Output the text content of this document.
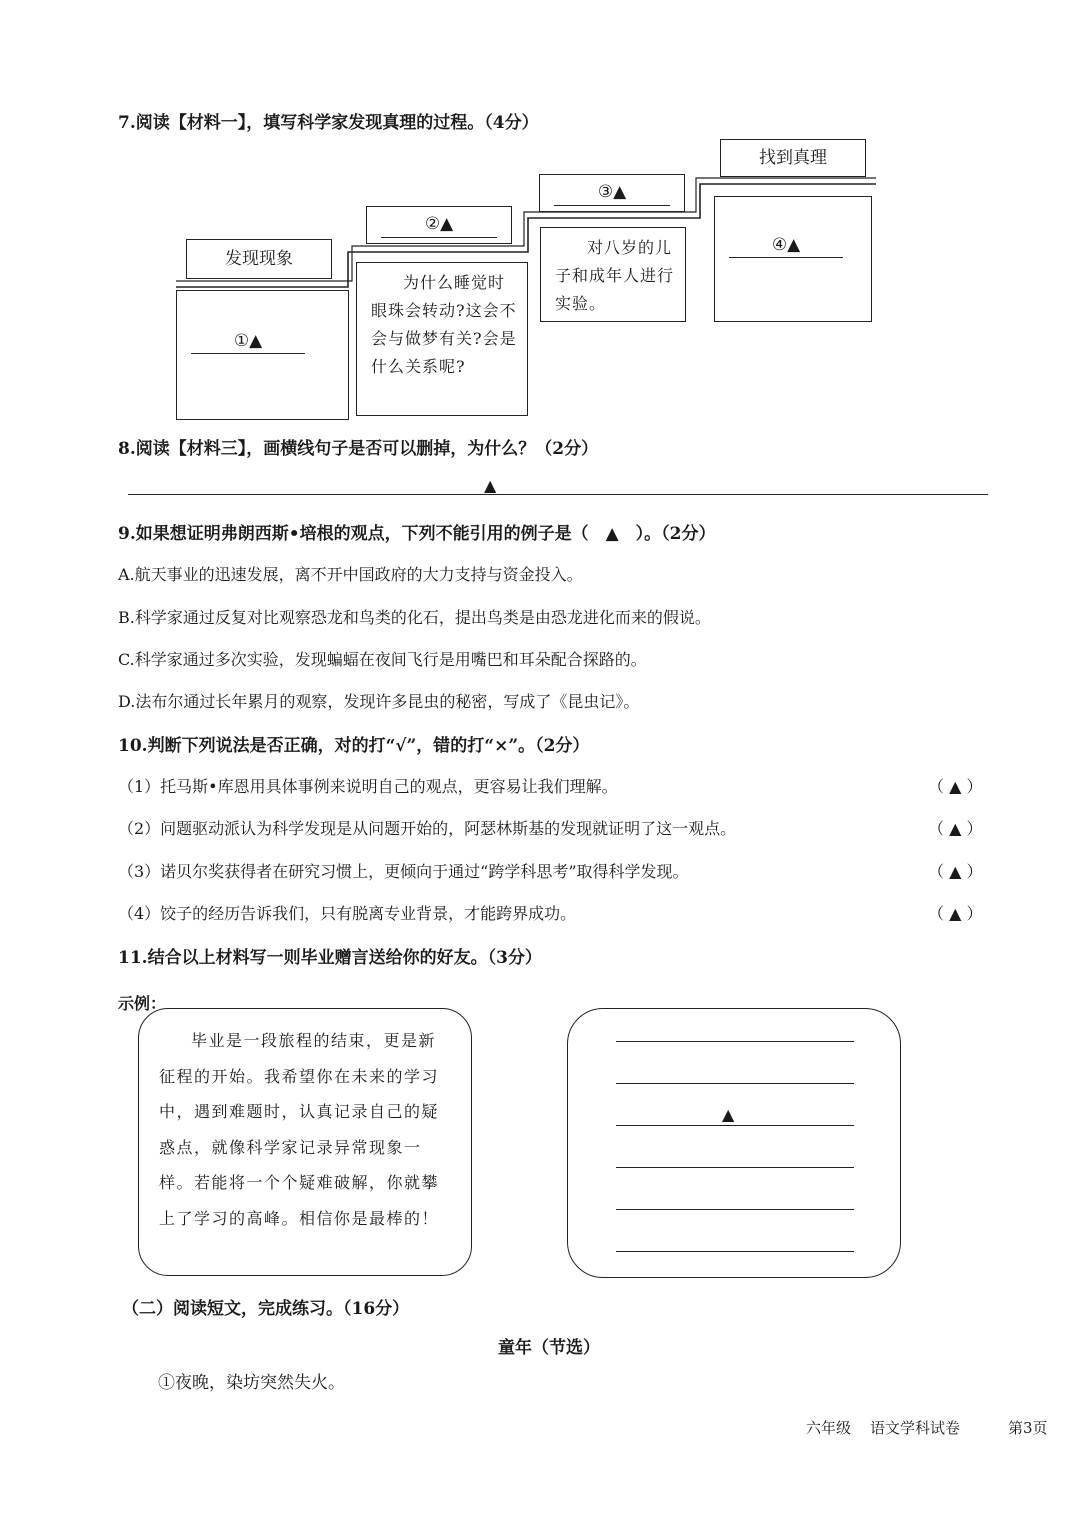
7.阅读【材料一】，填写科学家发现真理的过程。（4分）
发现现象
②▲
③▲
找到真理
①▲
为什么睡觉时眼珠会转动?这会不会与做梦有关?会是什么关系呢?
对八岁的儿子和成年人进行实验。
④▲
8.阅读【材料三】，画横线句子是否可以删掉，为什么？（2分）
▲
9.如果想证明弗朗西斯•培根的观点，下列不能引用的例子是（　▲　）。（2分）
A.航天事业的迅速发展，离不开中国政府的大力支持与资金投入。
B.科学家通过反复对比观察恐龙和鸟类的化石，提出鸟类是由恐龙进化而来的假说。
C.科学家通过多次实验，发现蝙蝠在夜间飞行是用嘴巴和耳朵配合探路的。
D.法布尔通过长年累月的观察，发现许多昆虫的秘密，写成了《昆虫记》。
10.判断下列说法是否正确，对的打“√”，错的打“×”。（2分）
（1）托马斯•库恩用具体事例来说明自己的观点，更容易让我们理解。	（ ▲ ）
（2）问题驱动派认为科学发现是从问题开始的，阿瑟林斯基的发现就证明了这一观点。	（ ▲ ）
（3）诺贝尔奖获得者在研究习惯上，更倾向于通过“跨学科思考”取得科学发现。	（ ▲ ）
（4）饺子的经历告诉我们，只有脱离专业背景，才能跨界成功。	（ ▲ ）
11.结合以上材料写一则毕业赠言送给你的好友。（3分）
示例：
毕业是一段旅程的结束，更是新征程的开始。我希望你在未来的学习中，遇到难题时，认真记录自己的疑惑点，就像科学家记录异常现象一样。若能将一个个疑难破解，你就攀上了学习的高峰。相信你是最棒的！
▲
（二）阅读短文，完成练习。（16分）
童年（节选）
①夜晚，染坊突然失火。
六年级 语文学科试卷	第3页
